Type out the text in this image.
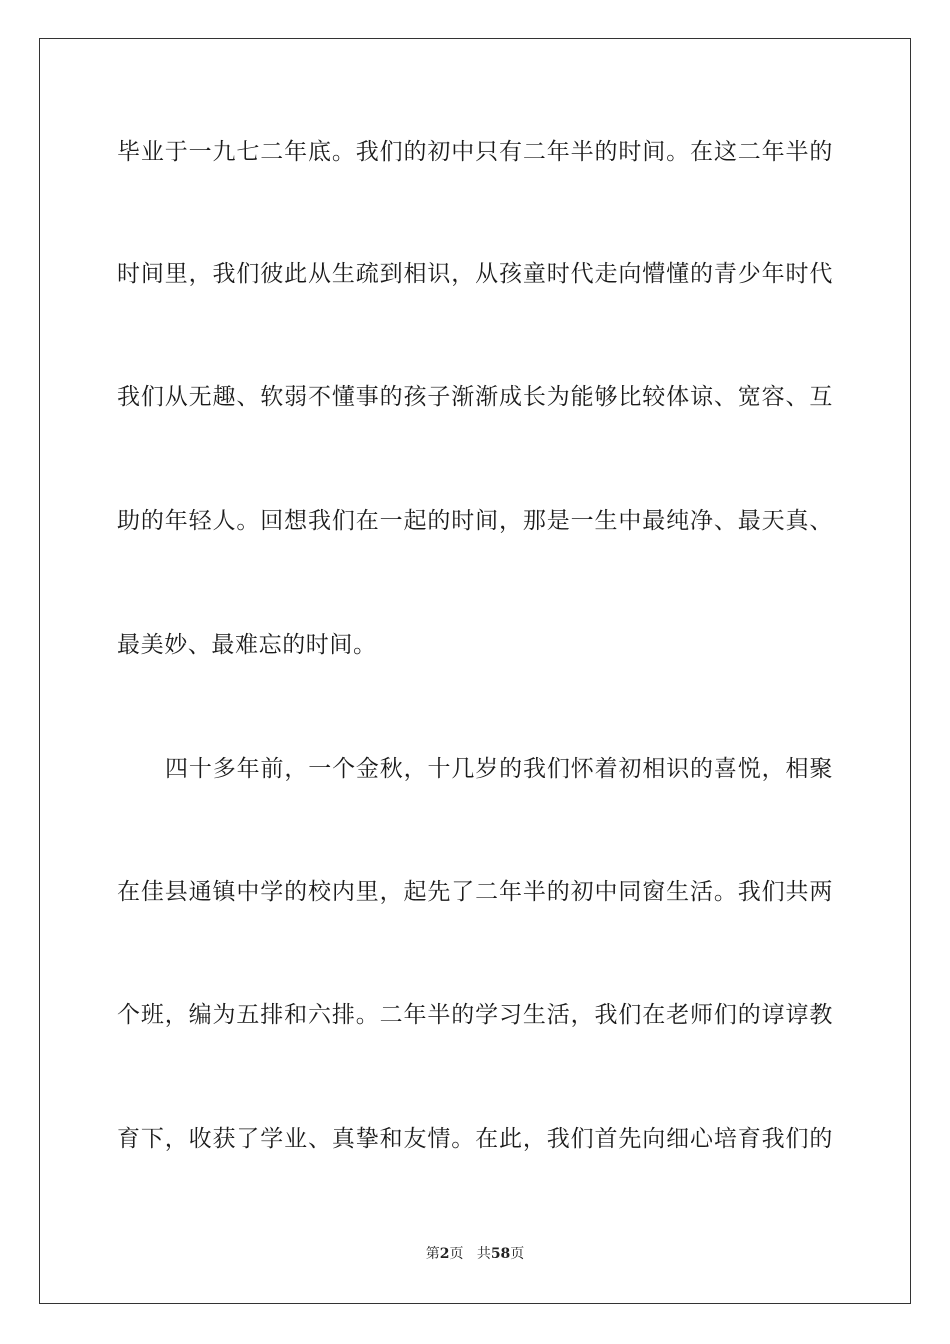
毕业于一九七二年底。我们的初中只有二年半的时间。在这二年半的
时间里，我们彼此从生疏到相识，从孩童时代走向懵懂的青少年时代
我们从无趣、软弱不懂事的孩子渐渐成长为能够比较体谅、宽容、互
助的年轻人。回想我们在一起的时间，那是一生中最纯净、最天真、
最美妙、最难忘的时间。
四十多年前，一个金秋，十几岁的我们怀着初相识的喜悦，相聚
在佳县通镇中学的校内里，起先了二年半的初中同窗生活。我们共两
个班，编为五排和六排。二年半的学习生活，我们在老师们的谆谆教
育下，收获了学业、真挚和友情。在此，我们首先向细心培育我们的
第2页 共58页
